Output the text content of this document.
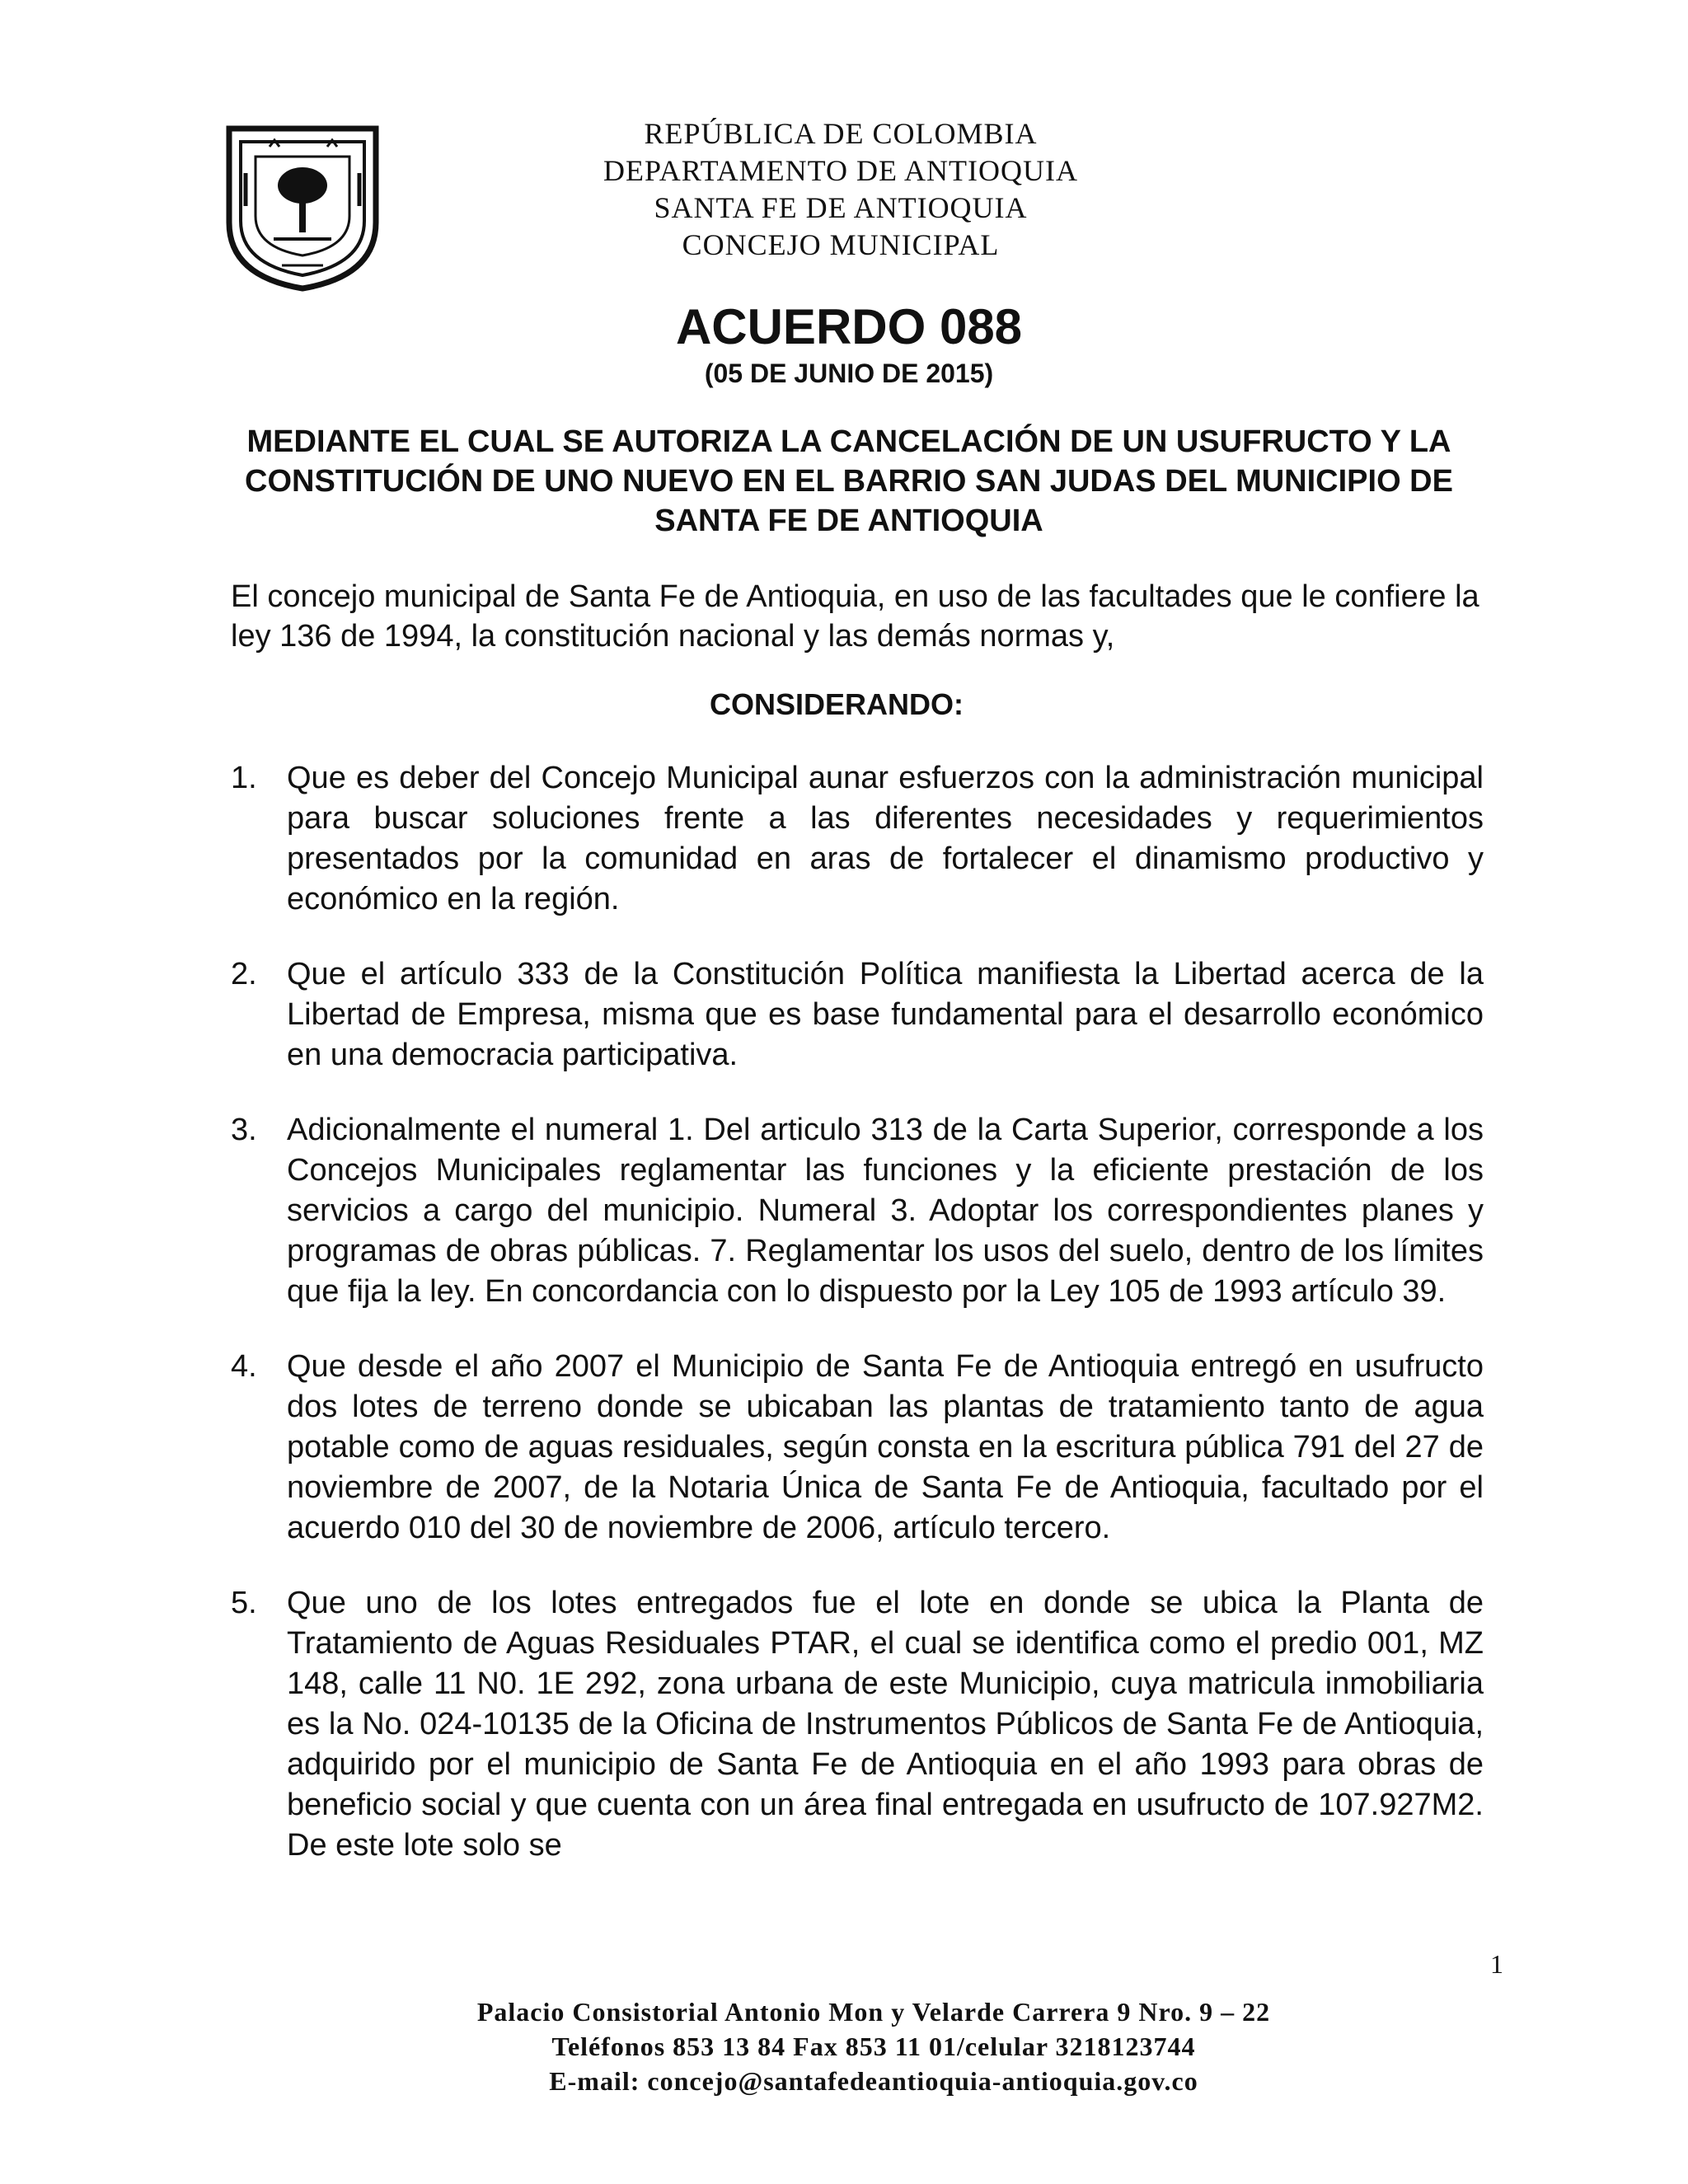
REPÚBLICA DE COLOMBIA
DEPARTAMENTO DE ANTIOQUIA
SANTA FE DE ANTIOQUIA
CONCEJO MUNICIPAL
ACUERDO 088
(05 DE JUNIO DE 2015)
MEDIANTE EL CUAL SE AUTORIZA LA CANCELACIÓN DE UN USUFRUCTO Y LA CONSTITUCIÓN DE UNO NUEVO EN EL BARRIO SAN JUDAS DEL MUNICIPIO DE SANTA FE DE ANTIOQUIA
El concejo municipal de Santa Fe de Antioquia, en uso de las facultades que le confiere la ley 136 de 1994, la constitución nacional y las demás normas y,
CONSIDERANDO:
1. Que es deber del Concejo Municipal aunar esfuerzos con la administración municipal para buscar soluciones frente a las diferentes necesidades y requerimientos presentados por la comunidad en aras de fortalecer el dinamismo productivo y económico en la región.
2. Que el artículo 333 de la Constitución Política manifiesta la Libertad acerca de la Libertad de Empresa, misma que es base fundamental para el desarrollo económico en una democracia participativa.
3. Adicionalmente el numeral 1. Del articulo 313 de la Carta Superior, corresponde a los Concejos Municipales reglamentar las funciones y la eficiente prestación de los servicios a cargo del municipio. Numeral 3. Adoptar los correspondientes planes y programas de obras públicas. 7. Reglamentar los usos del suelo, dentro de los límites que fija la ley. En concordancia con lo dispuesto por la Ley 105 de 1993 artículo 39.
4. Que desde el año 2007 el Municipio de Santa Fe de Antioquia entregó en usufructo dos lotes de terreno donde se ubicaban las plantas de tratamiento tanto de agua potable como de aguas residuales, según consta en la escritura pública 791 del 27 de noviembre de 2007, de la Notaria Única de Santa Fe de Antioquia, facultado por el acuerdo 010 del 30 de noviembre de 2006, artículo tercero.
5. Que uno de los lotes entregados fue el lote en donde se ubica la Planta de Tratamiento de Aguas Residuales PTAR, el cual se identifica como el predio 001, MZ 148, calle 11 N0. 1E 292, zona urbana de este Municipio, cuya matricula inmobiliaria es la No. 024-10135 de la Oficina de Instrumentos Públicos de Santa Fe de Antioquia, adquirido por el municipio de Santa Fe de Antioquia en el año 1993 para obras de beneficio social y que cuenta con un área final entregada en usufructo de 107.927M2. De este lote solo se
1
Palacio Consistorial Antonio Mon y Velarde Carrera 9 Nro. 9 – 22
Teléfonos 853 13 84 Fax 853 11 01/celular 3218123744
E-mail: concejo@santafedeantioquia-antioquia.gov.co
